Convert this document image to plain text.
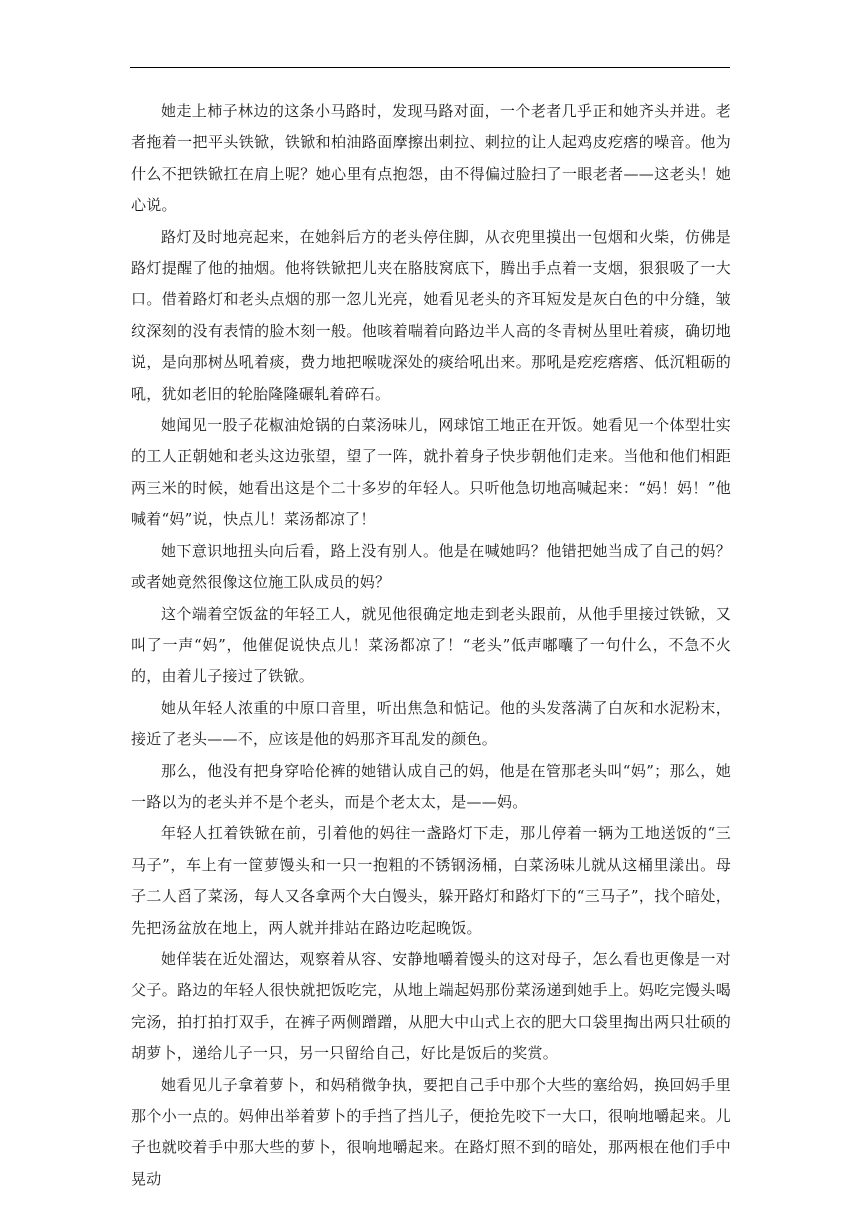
她走上柿子林边的这条小马路时，发现马路对面，一个老者几乎正和她齐头并进。老者拖着一把平头铁锨，铁锨和柏油路面摩擦出刺拉、刺拉的让人起鸡皮疙瘩的噪音。他为什么不把铁锨扛在肩上呢？她心里有点抱怨，由不得偏过脸扫了一眼老者——这老头！她心说。

路灯及时地亮起来，在她斜后方的老头停住脚，从衣兜里摸出一包烟和火柴，仿佛是路灯提醒了他的抽烟。他将铁锨把儿夹在胳肢窝底下，腾出手点着一支烟，狠狠吸了一大口。借着路灯和老头点烟的那一忽儿光亮，她看见老头的齐耳短发是灰白色的中分缝，皱纹深刻的没有表情的脸木刻一般。他咳着喘着向路边半人高的冬青树丛里吐着痰，确切地说，是向那树丛吼着痰，费力地把喉咙深处的痰给吼出来。那吼是疙疙瘩瘩、低沉粗砺的吼，犹如老旧的轮胎隆隆碾轧着碎石。

她闻见一股子花椒油炝锅的白菜汤味儿，网球馆工地正在开饭。她看见一个体型壮实的工人正朝她和老头这边张望，望了一阵，就扑着身子快步朝他们走来。当他和他们相距两三米的时候，她看出这是个二十多岁的年轻人。只听他急切地高喊起来：“妈！妈！”他喊着“妈”说，快点儿！菜汤都凉了！

她下意识地扭头向后看，路上没有别人。他是在喊她吗？他错把她当成了自己的妈？或者她竟然很像这位施工队成员的妈？

这个端着空饭盆的年轻工人，就见他很确定地走到老头跟前，从他手里接过铁锨，又叫了一声“妈”，他催促说快点儿！菜汤都凉了！“老头”低声嘟囔了一句什么，不急不火的，由着儿子接过了铁锨。

她从年轻人浓重的中原口音里，听出焦急和惦记。他的头发落满了白灰和水泥粉末，接近了老头——不，应该是他的妈那齐耳乱发的颜色。

那么，他没有把身穿哈伦裤的她错认成自己的妈，他是在管那老头叫“妈”；那么，她一路以为的老头并不是个老头，而是个老太太，是——妈。

年轻人扛着铁锨在前，引着他的妈往一盏路灯下走，那儿停着一辆为工地送饭的“三马子”，车上有一筐萝馒头和一只一抱粗的不锈钢汤桶，白菜汤味儿就从这桶里漾出。母子二人舀了菜汤，每人又各拿两个大白馒头，躲开路灯和路灯下的“三马子”，找个暗处，先把汤盆放在地上，两人就并排站在路边吃起晚饭。

她佯装在近处溜达，观察着从容、安静地嚼着馒头的这对母子，怎么看也更像是一对父子。路边的年轻人很快就把饭吃完，从地上端起妈那份菜汤递到她手上。妈吃完馒头喝完汤，拍打拍打双手，在裤子两侧蹭蹭，从肥大中山式上衣的肥大口袋里掏出两只壮硕的胡萝卜，递给儿子一只，另一只留给自己，好比是饭后的奖赏。

她看见儿子拿着萝卜，和妈稍微争执，要把自己手中那个大些的塞给妈，换回妈手里那个小一点的。妈伸出举着萝卜的手挡了挡儿子，便抢先咬下一大口，很响地嚼起来。儿子也就咬着手中那大些的萝卜，很响地嚼起来。在路灯照不到的暗处，那两根在他们手中晃动
